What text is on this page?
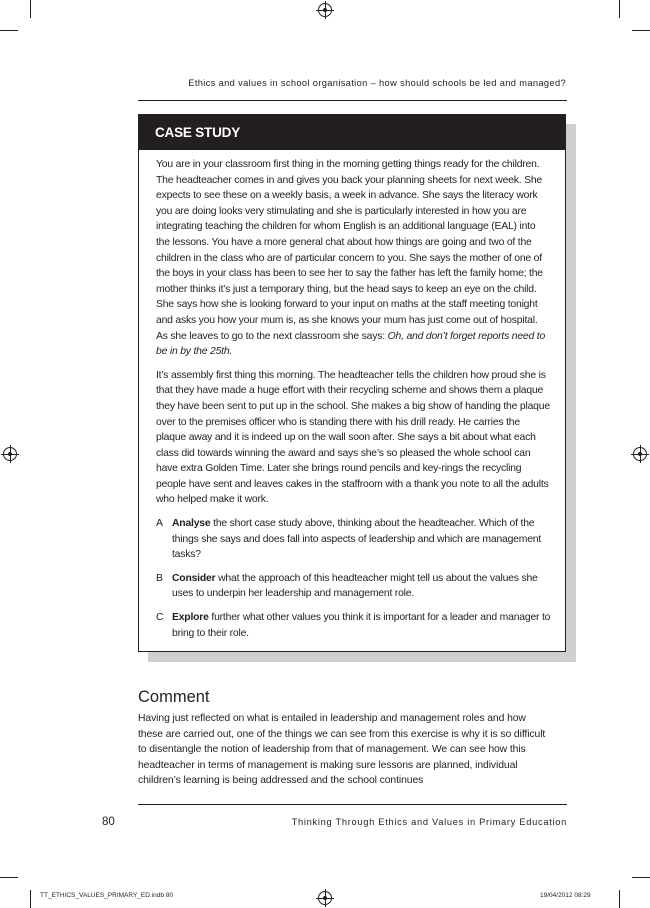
Ethics and values in school organisation – how should schools be led and managed?
CASE STUDY

You are in your classroom first thing in the morning getting things ready for the children. The headteacher comes in and gives you back your planning sheets for next week. She expects to see these on a weekly basis, a week in advance. She says the literacy work you are doing looks very stimulating and she is particularly interested in how you are integrating teaching the children for whom English is an additional language (EAL) into the lessons. You have a more general chat about how things are going and two of the children in the class who are of particular concern to you. She says the mother of one of the boys in your class has been to see her to say the father has left the family home; the mother thinks it’s just a temporary thing, but the head says to keep an eye on the child. She says how she is looking forward to your input on maths at the staff meeting tonight and asks you how your mum is, as she knows your mum has just come out of hospital. As she leaves to go to the next classroom she says: Oh, and don’t forget reports need to be in by the 25th.

It’s assembly first thing this morning. The headteacher tells the children how proud she is that they have made a huge effort with their recycling scheme and shows them a plaque they have been sent to put up in the school. She makes a big show of handing the plaque over to the premises officer who is standing there with his drill ready. He carries the plaque away and it is indeed up on the wall soon after. She says a bit about what each class did towards winning the award and says she’s so pleased the whole school can have extra Golden Time. Later she brings round pencils and key-rings the recycling people have sent and leaves cakes in the staffroom with a thank you note to all the adults who helped make it work.

A Analyse the short case study above, thinking about the headteacher. Which of the things she says and does fall into aspects of leadership and which are management tasks?
B Consider what the approach of this headteacher might tell us about the values she uses to underpin her leadership and management role.
C Explore further what other values you think it is important for a leader and manager to bring to their role.
Comment

Having just reflected on what is entailed in leadership and management roles and how these are carried out, one of the things we can see from this exercise is why it is so difficult to disentangle the notion of leadership from that of management. We can see how this headteacher in terms of management is making sure lessons are planned, individual children’s learning is being addressed and the school continues

80	Thinking Through Ethics and Values in Primary Education
TT_ETHICS_VALUES_PRIMARY_ED.indb 80	19/04/2012 08:29
